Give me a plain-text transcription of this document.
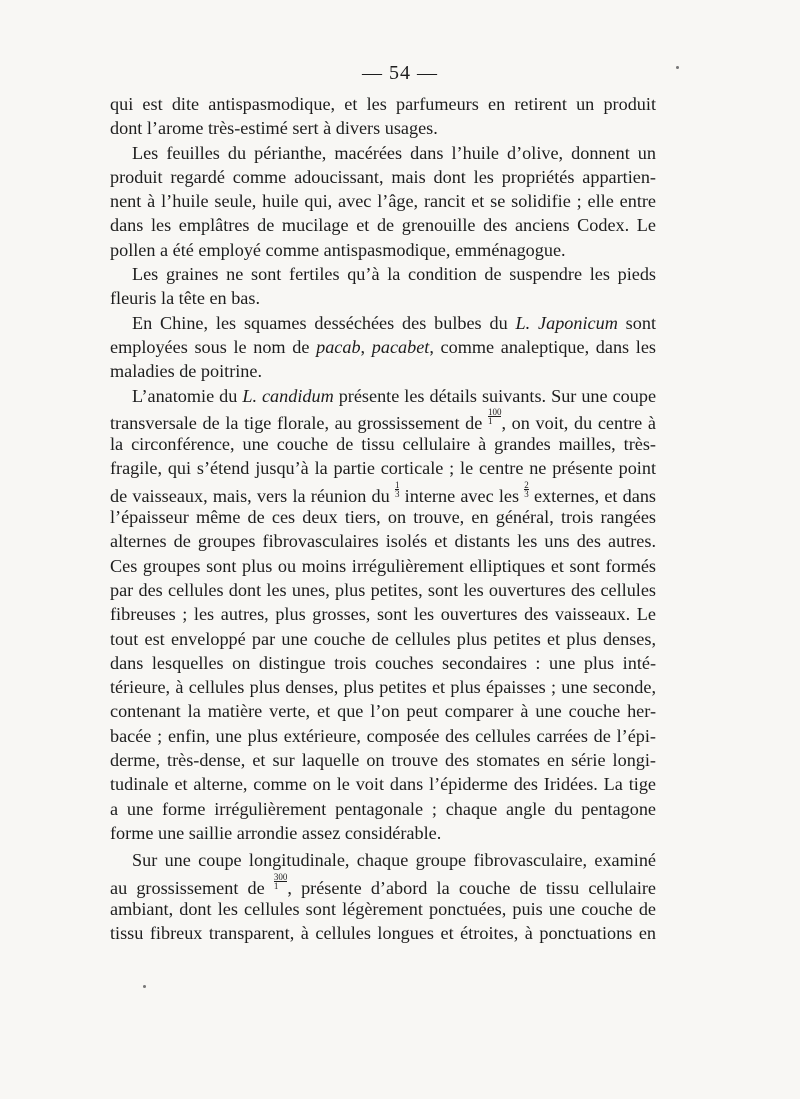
— 54 —
qui est dite antispasmodique, et les parfumeurs en retirent un produit
dont l’arome très-estimé sert à divers usages.
Les feuilles du périanthe, macérées dans l’huile d’olive, donnent un
produit regardé comme adoucissant, mais dont les propriétés appartien-
nent à l’huile seule, huile qui, avec l’âge, rancit et se solidifie ; elle entre
dans les emplâtres de mucilage et de grenouille des anciens Codex. Le
pollen a été employé comme antispasmodique, emménagogue.
Les graines ne sont fertiles qu’à la condition de suspendre les pieds
fleuris la tête en bas.
En Chine, les squames desséchées des bulbes du L. Japonicum sont
employées sous le nom de pacab, pacabet, comme analeptique, dans les
maladies de poitrine.
L’anatomie du L. candidum présente les détails suivants. Sur une coupe
transversale de la tige florale, au grossissement de $\frac{100}{1}$ , on voit, du centre à
la circonférence, une couche de tissu cellulaire à grandes mailles, très-
fragile, qui s’étend jusqu’à la partie corticale ; le centre ne présente point
de vaisseaux, mais, vers la réunion du $\frac{1}{3}$ interne avec les $\frac{2}{3}$ externes, et dans
l’épaisseur même de ces deux tiers, on trouve, en général, trois rangées
alternes de groupes fibrovasculaires isolés et distants les uns des autres.
Ces groupes sont plus ou moins irrégulièrement elliptiques et sont formés
par des cellules dont les unes, plus petites, sont les ouvertures des cellules
fibreuses ; les autres, plus grosses, sont les ouvertures des vaisseaux. Le
tout est enveloppé par une couche de cellules plus petites et plus denses,
dans lesquelles on distingue trois couches secondaires : une plus inté-
térieure, à cellules plus denses, plus petites et plus épaisses ; une seconde,
contenant la matière verte, et que l’on peut comparer à une couche her-
bacée ; enfin, une plus extérieure, composée des cellules carrées de l’épi-
derme, très-dense, et sur laquelle on trouve des stomates en série longi-
tudinale et alterne, comme on le voit dans l’épiderme des Iridées. La tige
a une forme irrégulièrement pentagonale ; chaque angle du pentagone
forme une saillie arrondie assez considérable.
Sur une coupe longitudinale, chaque groupe fibrovasculaire, examiné
au grossissement de $\frac{300}{1}$ , présente d’abord la couche de tissu cellulaire
ambiant, dont les cellules sont légèrement ponctuées, puis une couche de
tissu fibreux transparent, à cellules longues et étroites, à ponctuations en
